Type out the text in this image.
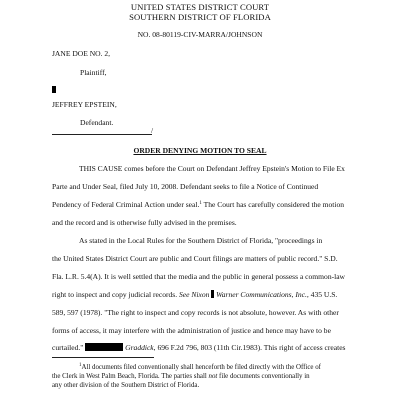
UNITED STATES DISTRICT COURT
SOUTHERN DISTRICT OF FLORIDA
NO. 08-80119-CIV-MARRA/JOHNSON
JANE DOE NO. 2,
Plaintiff,
JEFFREY EPSTEIN,
Defendant.
/
ORDER DENYING MOTION TO SEAL
THIS CAUSE comes before the Court on Defendant Jeffrey Epstein's Motion to File Ex
Parte and Under Seal, filed July 10, 2008. Defendant seeks to file a Notice of Continued
Pendency of Federal Criminal Action under seal.$^1$ The Court has carefully considered the motion
and the record and is otherwise fully advised in the premises.
As stated in the Local Rules for the Southern District of Florida, "proceedings in
the United States District Court are public and Court filings are matters of public record." S.D.
Fla. L.R. 5.4(A). It is well settled that the media and the public in general possess a common-law
right to inspect and copy judicial records. See Nixon  Warner Communications, Inc., 435 U.S.
589, 597 (1978). "The right to inspect and copy records is not absolute, however. As with other
forms of access, it may interfere with the administration of justice and hence may have to be
curtailed."	Graddick, 696 F.2d 796, 803 (11th Cir.1983). This right of access creates
$^1$All documents filed conventionally shall henceforth be filed directly with the Office of
the Clerk in West Palm Beach, Florida. The parties shall not file documents conventionally in
any other division of the Southern District of Florida.
